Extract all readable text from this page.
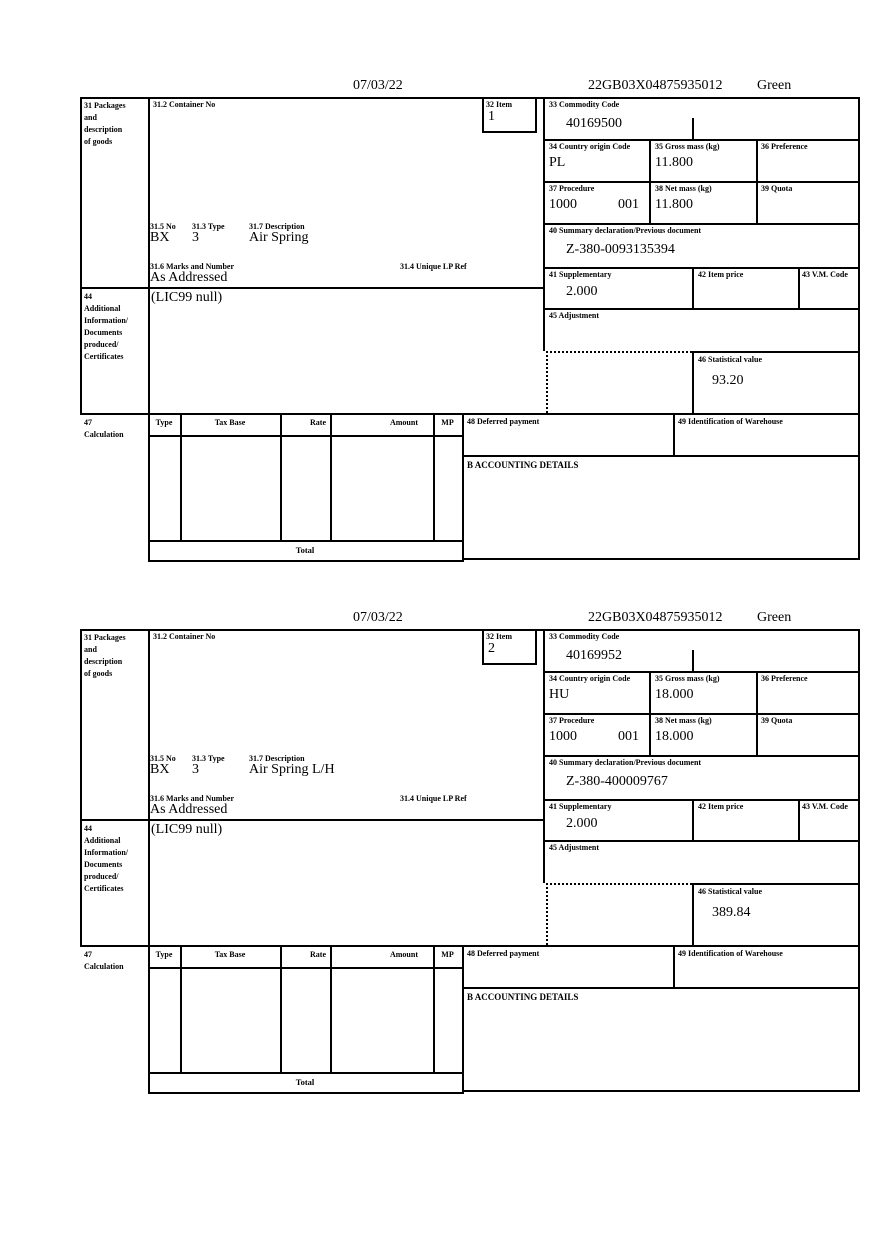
07/03/22	22GB03X04875935012 Green
31 Packages
and
description
of goods
44
Additional
Information/
Documents
produced/
Certificates
47
Calculation
31.2 Container No	32 Item
1
31.5 No 31.3 Type	31.7 Description
BX 3	Air Spring
31.6 Marks and Number	31.4 Unique LP Ref
As Addressed
(LIC99 null)
33 Commodity Code
40169500
34 Country origin Code
PL
35 Gross mass (kg)
11.800
36 Preference
37 Procedure
1000	001
38 Net mass (kg)
11.800
39 Quota
40 Summary declaration/Previous document
Z-380-0093135394
41 Supplementary
2.000
42 Item price	43 V.M. Code
45 Adjustment
46 Statistical value
93.20
Type	Tax Base	Rate	Amount	MP
Total
48 Deferred payment	49 Identification of Warehouse
B ACCOUNTING DETAILS
07/03/22	22GB03X04875935012 Green
31 Packages
and
description
of goods
44
Additional
Information/
Documents
produced/
Certificates
47
Calculation
31.2 Container No	32 Item
2
31.5 No 31.3 Type	31.7 Description
BX 3	Air Spring L/H
31.6 Marks and Number	31.4 Unique LP Ref
As Addressed
(LIC99 null)
33 Commodity Code
40169952
34 Country origin Code
HU
35 Gross mass (kg)
18.000
36 Preference
37 Procedure
1000	001
38 Net mass (kg)
18.000
39 Quota
40 Summary declaration/Previous document
Z-380-400009767
41 Supplementary
2.000
42 Item price	43 V.M. Code
45 Adjustment
46 Statistical value
389.84
Type	Tax Base	Rate	Amount	MP
Total
48 Deferred payment	49 Identification of Warehouse
B ACCOUNTING DETAILS
